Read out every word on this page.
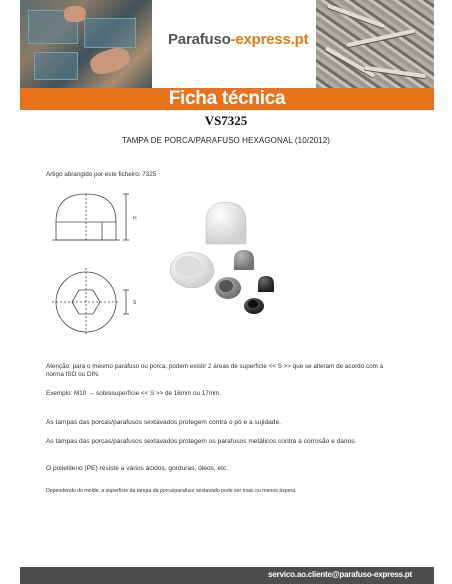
Parafuso-express.pt
Ficha técnica
VS7325
TAMPA DE PORCA/PARAFUSO HEXAGONAL (10/2012)
Artigo abrangido por este ficheiro: 7325
H
S
Atenção: para o mesmo parafuso ou porca, podem existir 2 áreas de superfície << S >> que se alteram de acordo com a
norma ISO ou DIN.
Exemplo: M10 → sobresuperfície << S >> de 16mm ou 17mm.
As tampas das porcas/parafusos sextavados protegem contra o pó e a sujidade.
As tampas das porcas/parafusos sextavados protegem os parafusos metálicos contra a corrosão e danos.
O polietileno (PE) resiste a vários ácidos, gorduras, óleos, etc.
Dependendo do molde, a superfície da tampa da porca/parafuso sextavado pode ser mais ou menos áspera.
servico.ao.cliente@parafuso-express.pt
